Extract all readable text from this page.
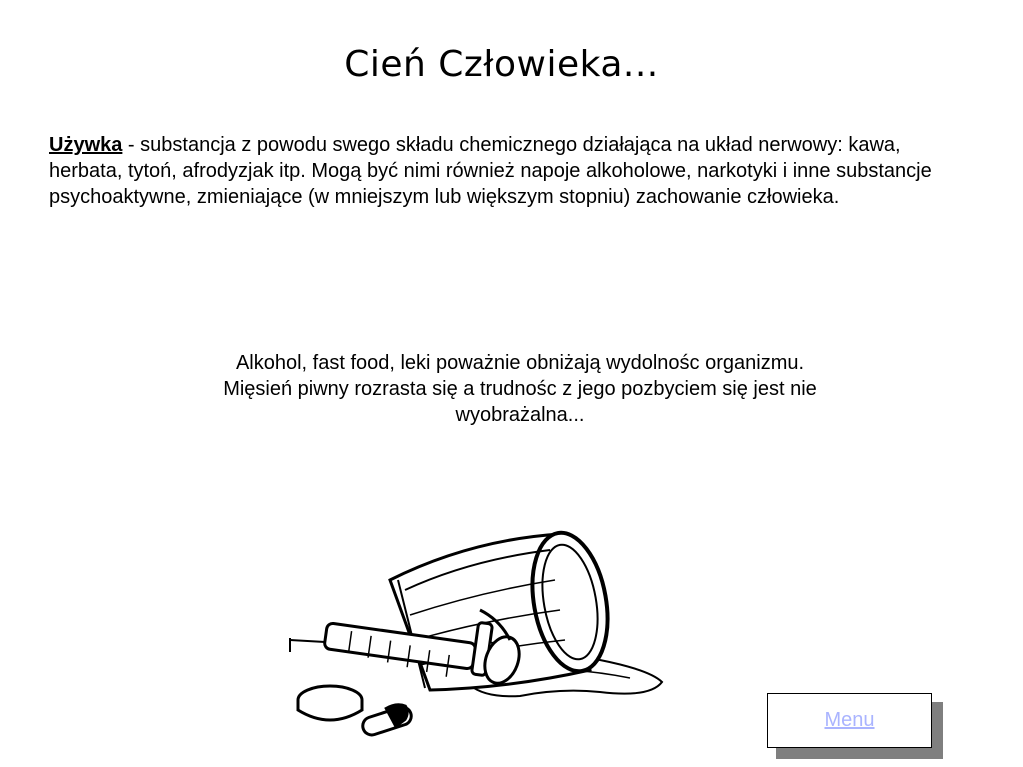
Cień Człowieka...
Używka - substancja z powodu swego składu chemicznego działająca na układ nerwowy: kawa, herbata, tytoń, afrodyzjak itp. Mogą być nimi również napoje alkoholowe, narkotyki i inne substancje psychoaktywne, zmieniające (w mniejszym lub większym stopniu) zachowanie człowieka.
Alkohol, fast food, leki poważnie obniżają wydolnośc organizmu.
Mięsień piwny rozrasta się a trudnośc z jego pozbyciem się jest nie wyobrażalna...
Menu
